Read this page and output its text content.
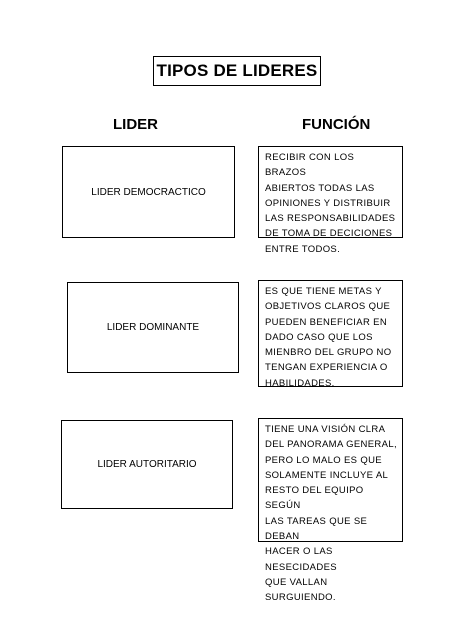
TIPOS DE LIDERES
LIDER	FUNCIÓN
LIDER DEMOCRACTICO
RECIBIR CON LOS BRAZOS
ABIERTOS TODAS LAS
OPINIONES Y DISTRIBUIR
LAS RESPONSABILIDADES
DE TOMA DE DECICIONES
ENTRE TODOS.
LIDER DOMINANTE
ES QUE TIENE METAS Y
OBJETIVOS CLAROS QUE
PUEDEN BENEFICIAR EN
DADO CASO QUE LOS
MIENBRO DEL GRUPO NO
TENGAN EXPERIENCIA O
HABILIDADES.
LIDER AUTORITARIO
TIENE UNA VISIÓN CLRA
DEL PANORAMA GENERAL,
PERO LO MALO ES QUE
SOLAMENTE INCLUYE AL
RESTO DEL EQUIPO SEGÚN
LAS TAREAS QUE SE DEBAN
HACER O LAS NESECIDADES
QUE VALLAN SURGUIENDO.
